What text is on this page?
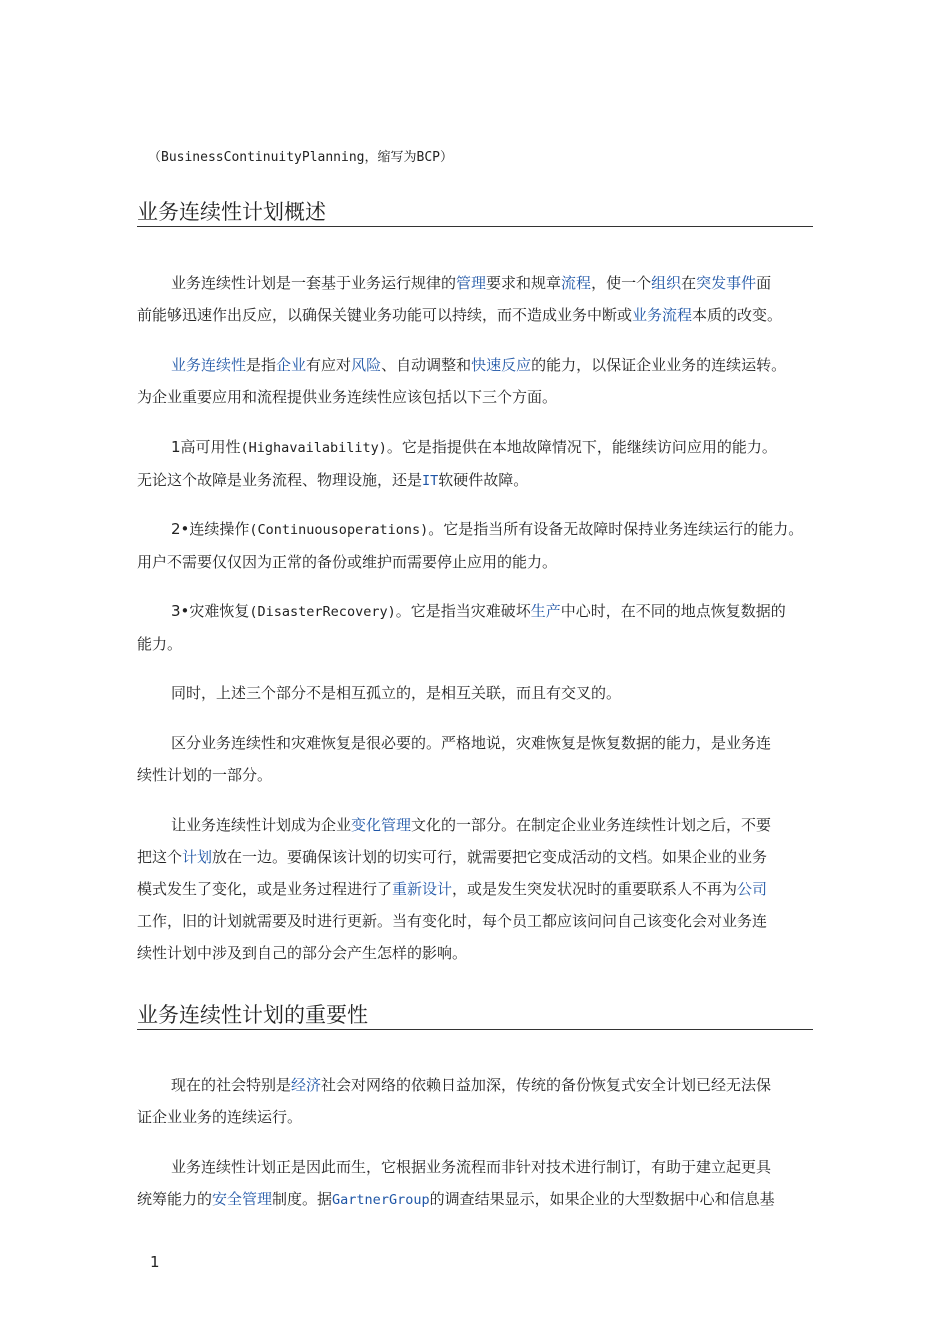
（BusinessContinuityPlanning，缩写为BCP）
业务连续性计划概述
业务连续性计划是一套基于业务运行规律的管理要求和规章流程，使一个组织在突发事件面
前能够迅速作出反应，以确保关键业务功能可以持续，而不造成业务中断或业务流程本质的改变。
业务连续性是指企业有应对风险、自动调整和快速反应的能力，以保证企业业务的连续运转。
为企业重要应用和流程提供业务连续性应该包括以下三个方面。
1高可用性(Highavailability)。它是指提供在本地故障情况下，能继续访问应用的能力。
无论这个故障是业务流程、物理设施，还是IT软硬件故障。
2•连续操作(Continuousoperations)。它是指当所有设备无故障时保持业务连续运行的能力。
用户不需要仅仅因为正常的备份或维护而需要停止应用的能力。
3•灾难恢复(DisasterRecovery)。它是指当灾难破坏生产中心时，在不同的地点恢复数据的
能力。
同时，上述三个部分不是相互孤立的，是相互关联，而且有交叉的。
区分业务连续性和灾难恢复是很必要的。严格地说，灾难恢复是恢复数据的能力，是业务连
续性计划的一部分。
让业务连续性计划成为企业变化管理文化的一部分。在制定企业业务连续性计划之后，不要
把这个计划放在一边。要确保该计划的切实可行，就需要把它变成活动的文档。如果企业的业务
模式发生了变化，或是业务过程进行了重新设计，或是发生突发状况时的重要联系人不再为公司
工作，旧的计划就需要及时进行更新。当有变化时，每个员工都应该问问自己该变化会对业务连
续性计划中涉及到自己的部分会产生怎样的影响。
业务连续性计划的重要性
现在的社会特别是经济社会对网络的依赖日益加深，传统的备份恢复式安全计划已经无法保
证企业业务的连续运行。
业务连续性计划正是因此而生，它根据业务流程而非针对技术进行制订，有助于建立起更具
统筹能力的安全管理制度。据GartnerGroup的调查结果显示，如果企业的大型数据中心和信息基
1
